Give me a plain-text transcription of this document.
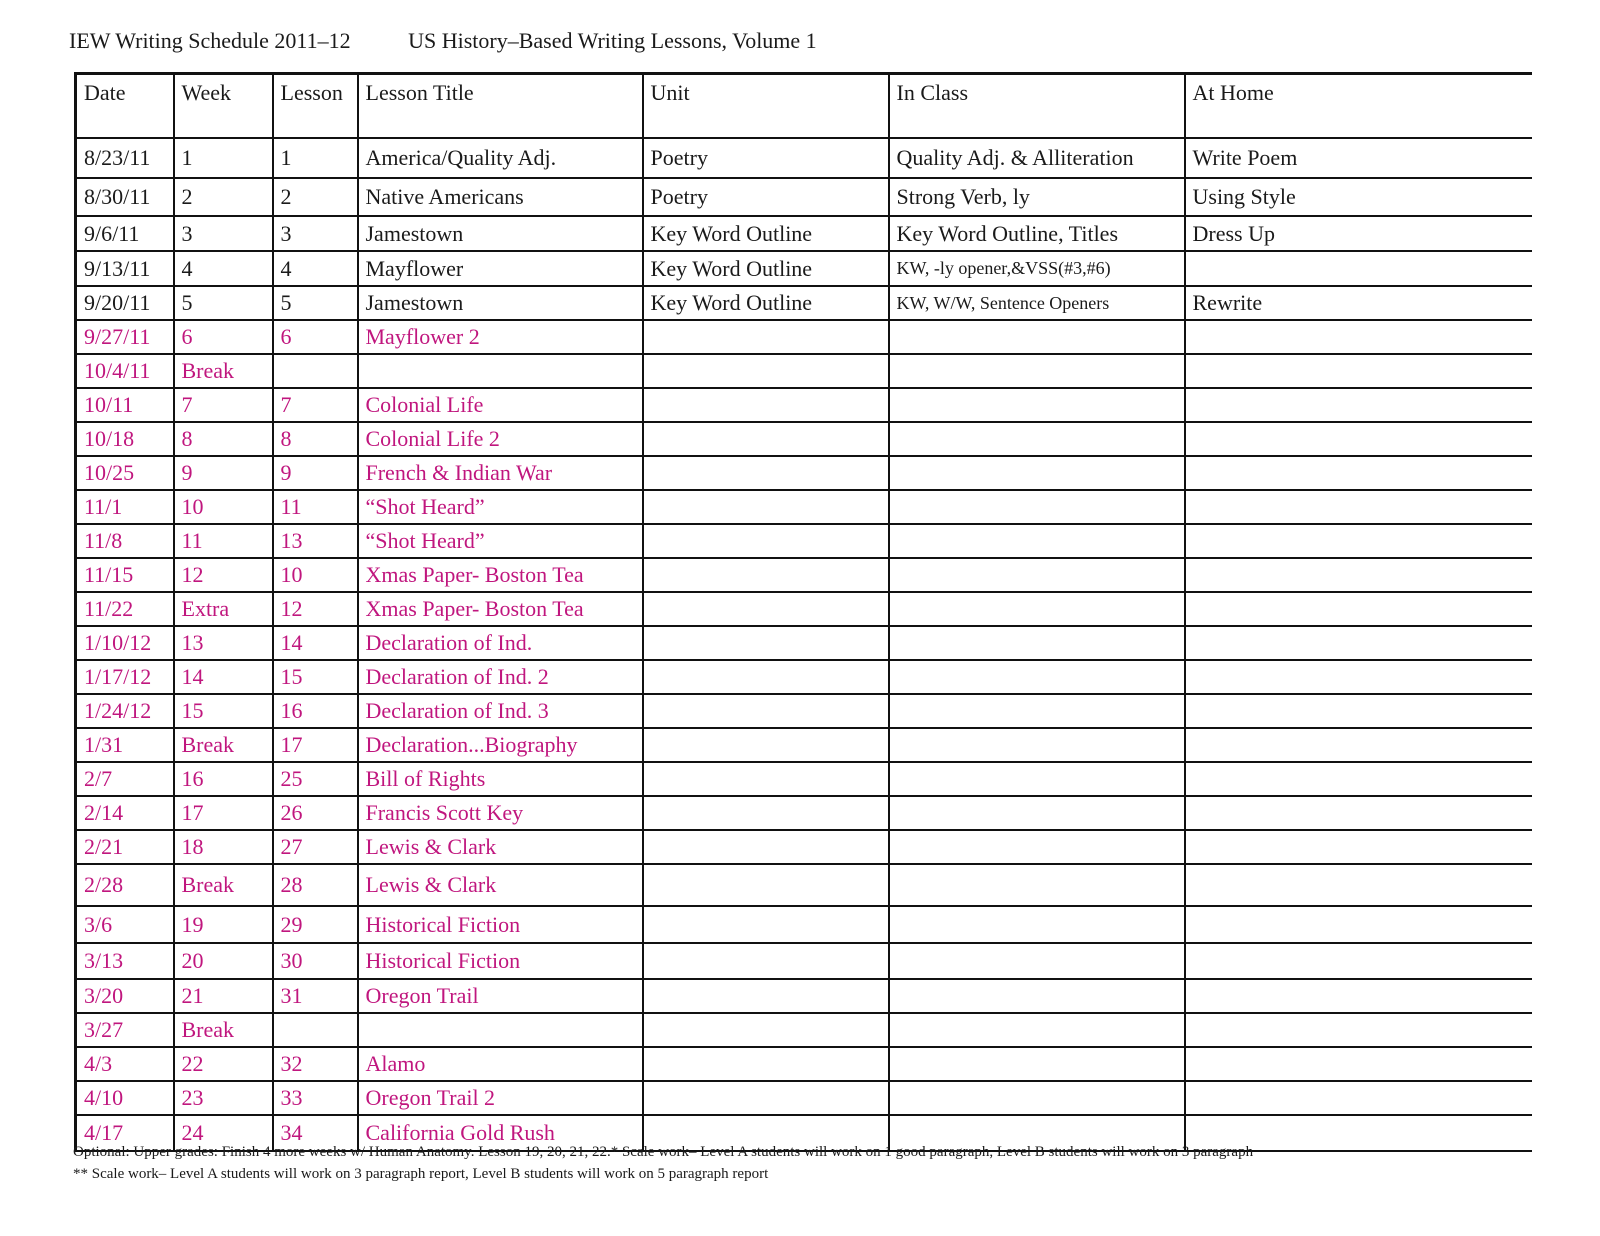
IEW Writing Schedule 2011–12	US History–Based Writing Lessons, Volume 1
Date	Week	Lesson	Lesson Title	Unit	In Class	At Home
8/23/11	1	1	America/Quality Adj.	Poetry	Quality Adj. & Alliteration	Write Poem
8/30/11	2	2	Native Americans	Poetry	Strong Verb, ly	Using Style
9/6/11	3	3	Jamestown	Key Word Outline	Key Word Outline, Titles	Dress Up
9/13/11	4	4	Mayflower	Key Word Outline	KW, -ly opener,&VSS(#3,#6)	
9/20/11	5	5	Jamestown	Key Word Outline	KW, W/W, Sentence Openers	Rewrite
9/27/11	6	6	Mayflower 2			
10/4/11	Break					
10/11	7	7	Colonial Life			
10/18	8	8	Colonial Life 2			
10/25	9	9	French & Indian War			
11/1	10	11	“Shot Heard”			
11/8	11	13	“Shot Heard”			
11/15	12	10	Xmas Paper- Boston Tea			
11/22	Extra	12	Xmas Paper- Boston Tea			
1/10/12	13	14	Declaration of Ind.			
1/17/12	14	15	Declaration of Ind. 2			
1/24/12	15	16	Declaration of Ind. 3			
1/31	Break	17	Declaration...Biography			
2/7	16	25	Bill of Rights			
2/14	17	26	Francis Scott Key			
2/21	18	27	Lewis & Clark			
2/28	Break	28	Lewis & Clark			
3/6	19	29	Historical Fiction			
3/13	20	30	Historical Fiction			
3/20	21	31	Oregon Trail			
3/27	Break					
4/3	22	32	Alamo			
4/10	23	33	Oregon Trail 2			
4/17	24	34	California Gold Rush			
Optional: Upper grades: Finish 4 more weeks w/ Human Anatomy. Lesson 19, 20, 21, 22.* Scale work– Level A students will work on 1 good paragraph, Level B students will work on 3 paragraph
** Scale work– Level A students will work on 3 paragraph report, Level B students will work on 5 paragraph report
